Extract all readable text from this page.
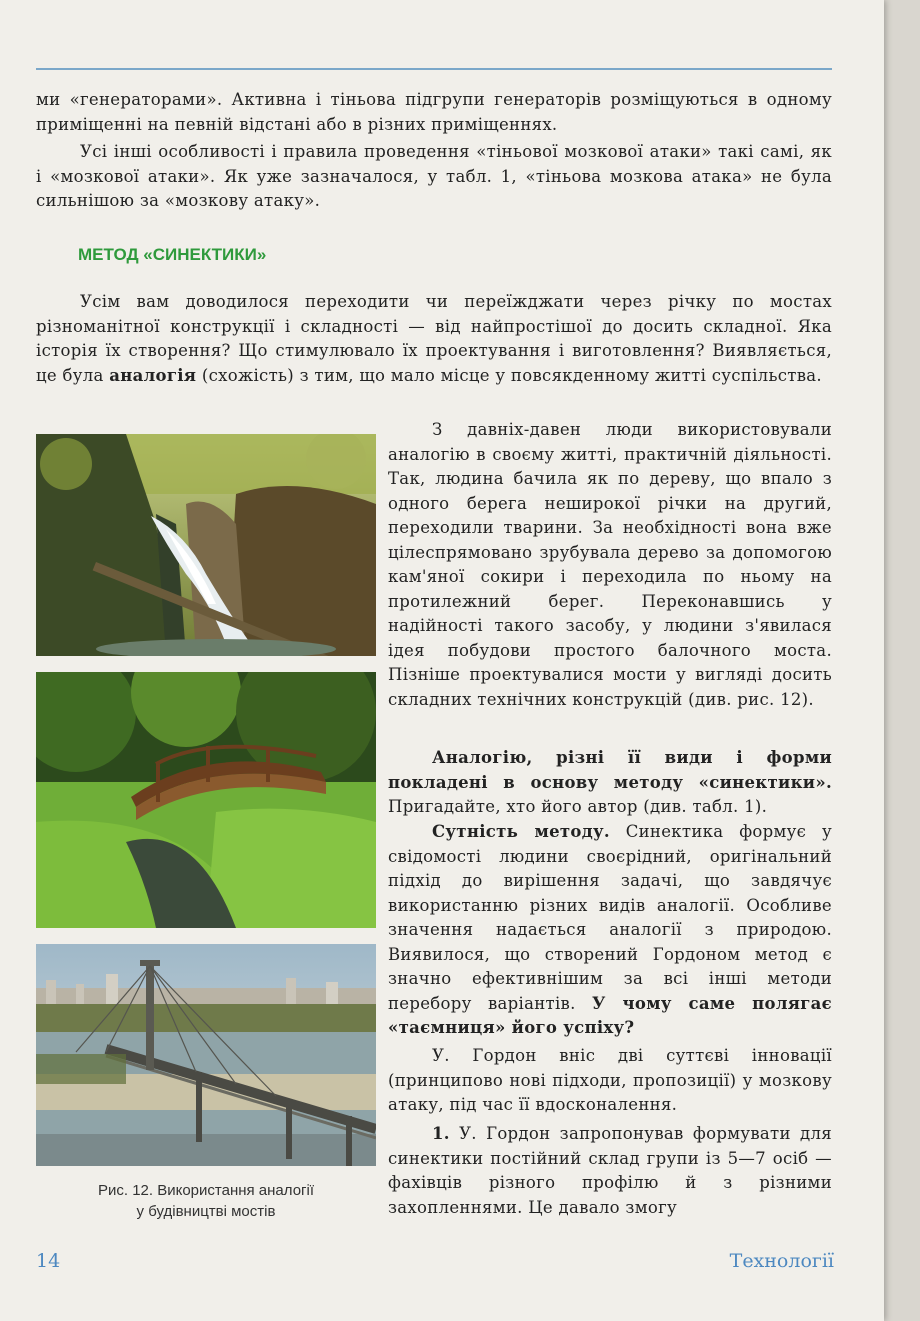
ми «генераторами». Активна і тіньова підгрупи генераторів розміщуються в одному приміщенні на певній відстані або в різних приміщеннях.

Усі інші особливості і правила проведення «тіньової мозкової атаки» такі самі, як і «мозкової атаки». Як уже зазначалося, у табл. 1, «тіньова мозкова атака» не була сильнішою за «мозкову атаку».

МЕТОД «СИНЕКТИКИ»

Усім вам доводилося переходити чи переїжджати через річку по мостах різноманітної конструкції і складності — від найпростішої до досить складної. Яка історія їх створення? Що стимулювало їх проектування і виготовлення? Виявляється, це була аналогія (схожість) з тим, що мало місце у повсякденному житті суспільства.

Рис. 12. Використання аналогії
у будівництві мостів

З давніх-давен люди використовували аналогію в своєму житті, практичній діяльності. Так, людина бачила як по дереву, що впало з одного берега неширокої річки на другий, переходили тварини. За необхідності вона вже цілеспрямовано зрубувала дерево за допомогою кам'яної сокири і переходила по ньому на протилежний берег. Переконавшись у надійності такого засобу, у людини з'явилася ідея побудови простого балочного моста. Пізніше проектувалися мости у вигляді досить складних технічних конструкцій (див. рис. 12).

Аналогію, різні її види і форми покладені в основу методу «синектики». Пригадайте, хто його автор (див. табл. 1).

Сутність методу. Синектика формує у свідомості людини своєрідний, оригінальний підхід до вирішення задачі, що завдячує використанню різних видів аналогії. Особливе значення надається аналогії з природою. Виявилося, що створений Гордоном метод є значно ефективнішим за всі інші методи перебору варіантів. У чому саме полягає «таємниця» його успіху?

У. Гордон вніс дві суттєві інновації (принципово нові підходи, пропозиції) у мозкову атаку, під час її вдосконалення.

1. У. Гордон запропонував формувати для синектики постійний склад групи із 5—7 осіб — фахівців різного профілю й з різними захопленнями. Це давало змогу

14	Технології
